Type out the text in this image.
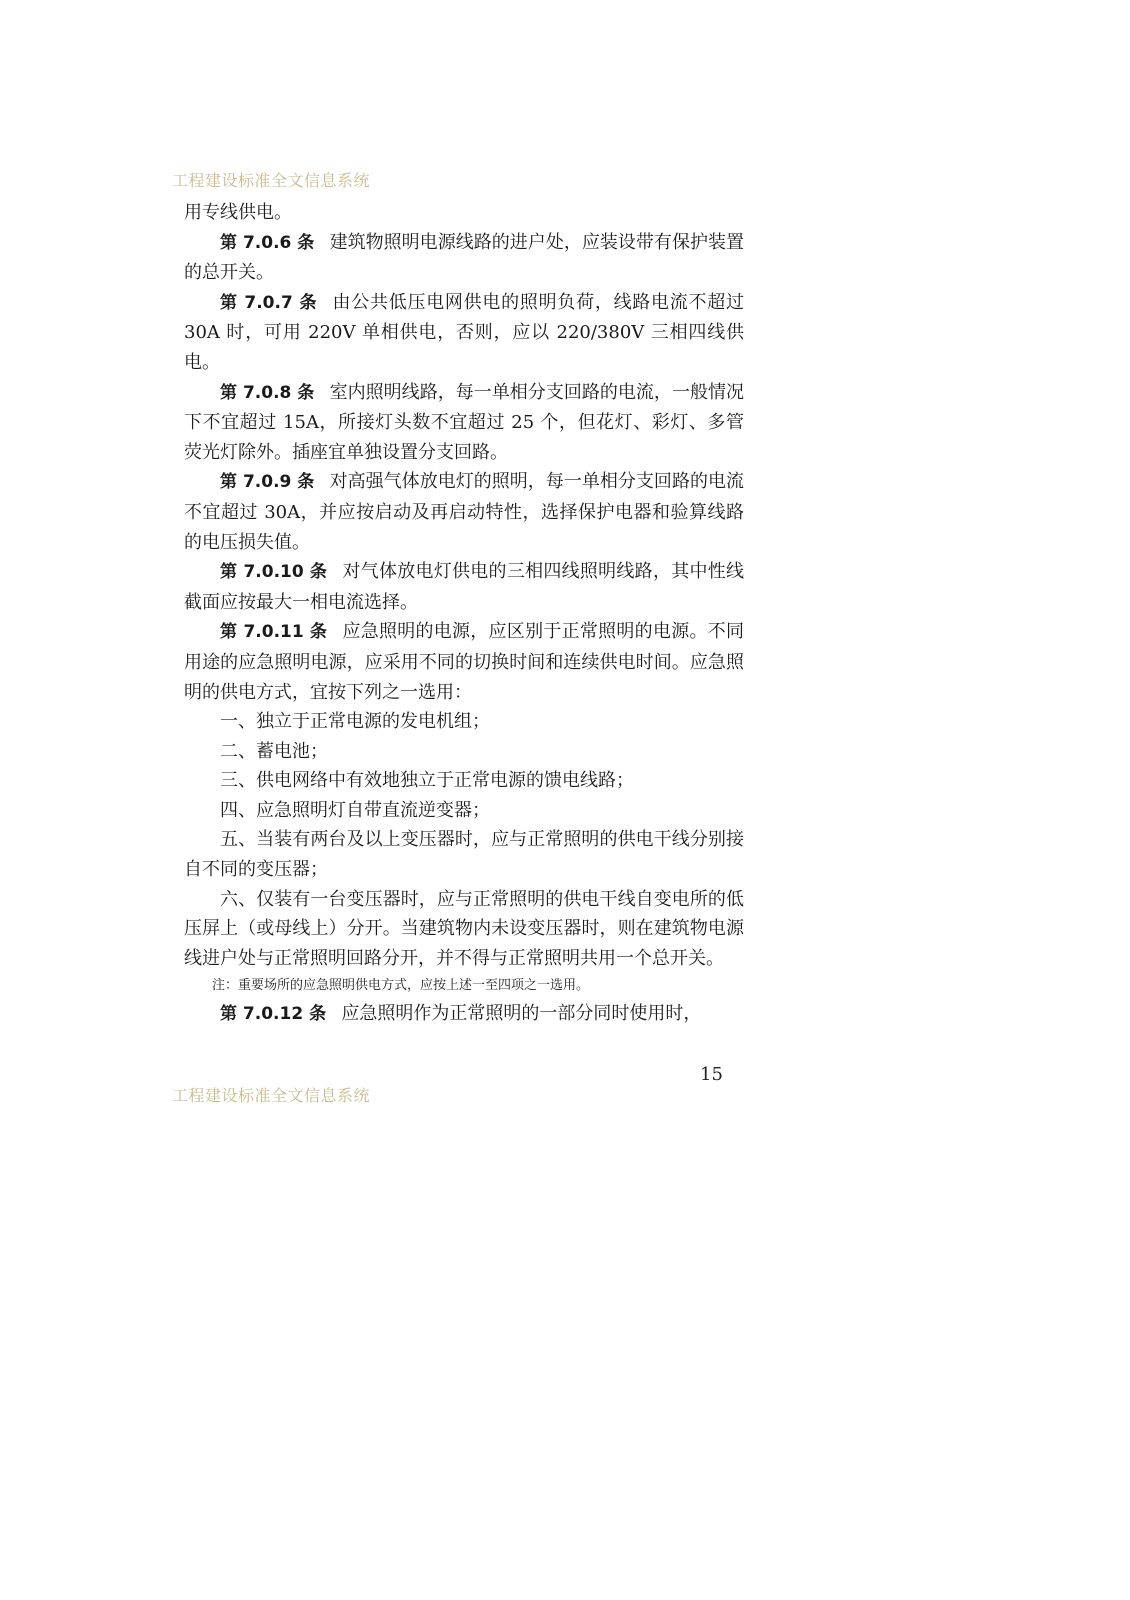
工程建设标准全文信息系统

用专线供电。

第 7.0.6 条 建筑物照明电源线路的进户处，应装设带有保护装置的总开关。

第 7.0.7 条 由公共低压电网供电的照明负荷，线路电流不超过 30A 时，可用 220V 单相供电，否则，应以 220/380V 三相四线供电。

第 7.0.8 条 室内照明线路，每一单相分支回路的电流，一般情况下不宜超过 15A，所接灯头数不宜超过 25 个，但花灯、彩灯、多管荧光灯除外。插座宜单独设置分支回路。

第 7.0.9 条 对高强气体放电灯的照明，每一单相分支回路的电流不宜超过 30A，并应按启动及再启动特性，选择保护电器和验算线路的电压损失值。

第 7.0.10 条 对气体放电灯供电的三相四线照明线路，其中性线截面应按最大一相电流选择。

第 7.0.11 条 应急照明的电源，应区别于正常照明的电源。不同用途的应急照明电源，应采用不同的切换时间和连续供电时间。应急照明的供电方式，宜按下列之一选用：

一、独立于正常电源的发电机组；

二、蓄电池；

三、供电网络中有效地独立于正常电源的馈电线路；

四、应急照明灯自带直流逆变器；

五、当装有两台及以上变压器时，应与正常照明的供电干线分别接自不同的变压器；

六、仅装有一台变压器时，应与正常照明的供电干线自变电所的低压屏上（或母线上）分开。当建筑物内未设变压器时，则在建筑物电源线进户处与正常照明回路分开，并不得与正常照明共用一个总开关。

注：重要场所的应急照明供电方式，应按上述一至四项之一选用。

第 7.0.12 条 应急照明作为正常照明的一部分同时使用时，

15
工程建设标准全文信息系统
